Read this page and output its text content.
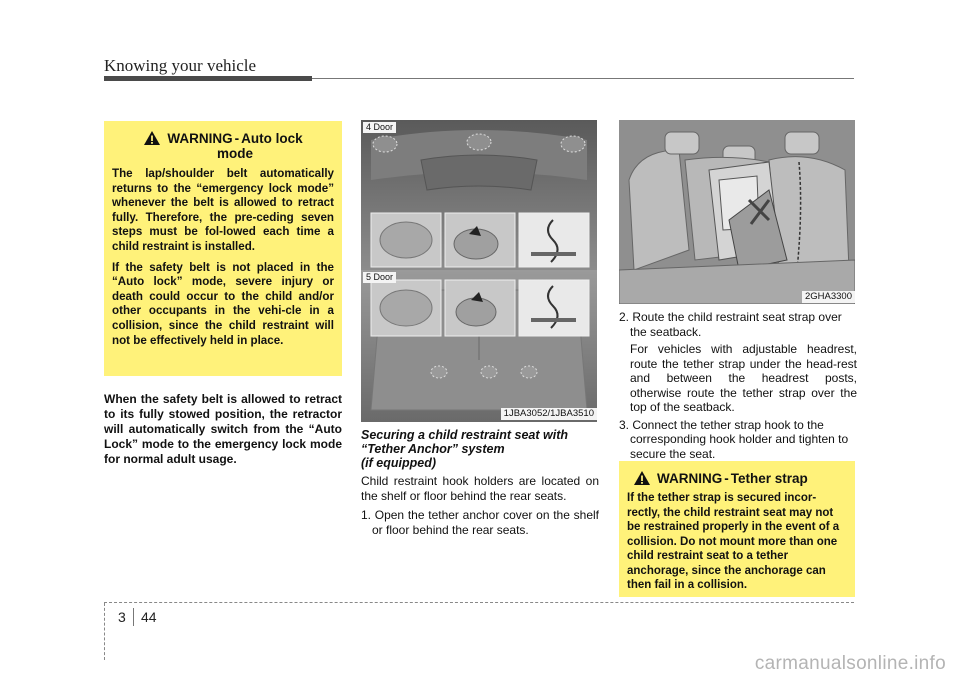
Knowing your vehicle
WARNING - Auto lock
mode

The lap/shoulder belt automatically returns to the “emergency lock mode” whenever the belt is allowed to retract fully. Therefore, the pre-ceding seven steps must be fol-lowed each time a child restraint is installed.

If the safety belt is not placed in the “Auto lock” mode, severe injury or death could occur to the child and/or other occupants in the vehi-cle in a collision, since the child restraint will not be effectively held in place.

When the safety belt is allowed to retract to its fully stowed position, the retractor will automatically switch from the “Auto Lock” mode to the emergency lock mode for normal adult usage.
4 Door
5 Door
1JBA3052/1JBA3510
2GHA3300
Securing a child restraint seat with
“Tether Anchor” system
(if equipped)

Child restraint hook holders are located on the shelf or floor behind the rear seats.

1. Open the tether anchor cover on the shelf or floor behind the rear seats.

2. Route the child restraint seat strap over the seatback.

For vehicles with adjustable headrest, route the tether strap under the head-rest and between the headrest posts, otherwise route the tether strap over the top of the seatback.

3. Connect the tether strap hook to the corresponding hook holder and tighten to secure the seat.

WARNING - Tether strap

If the tether strap is secured incor-rectly, the child restraint seat may not be restrained properly in the event of a collision. Do not mount more than one child restraint seat to a tether anchorage, since the anchorage can then fail in a collision.

3 44
carmanualsonline.info
